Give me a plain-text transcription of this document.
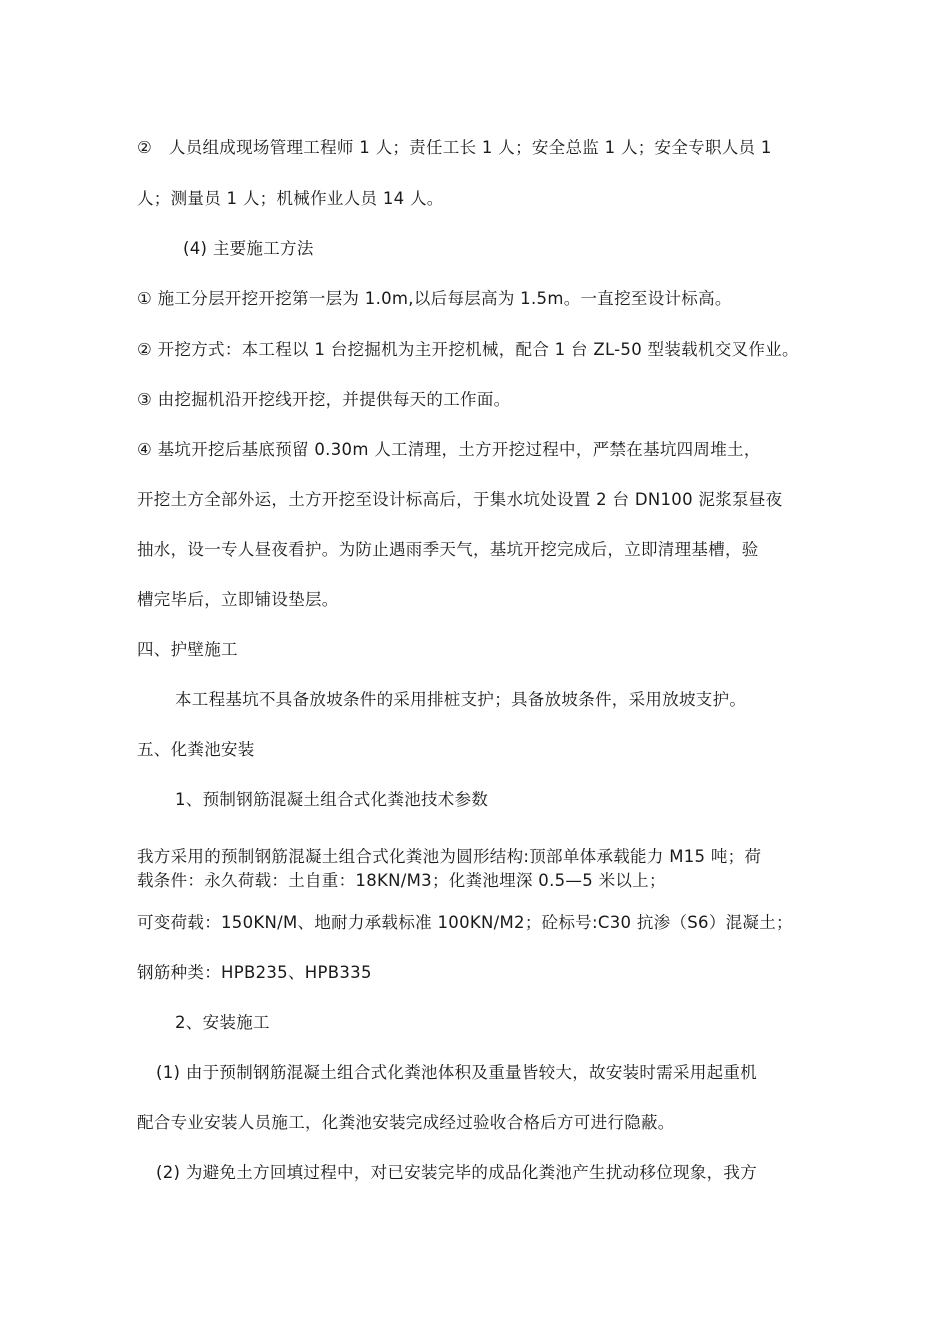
②　人员组成现场管理工程师 1 人；责任工长 1 人；安全总监 1 人；安全专职人员 1
人；测量员 1 人；机械作业人员 14 人。
(4) 主要施工方法
① 施工分层开挖开挖第一层为 1.0m,以后每层高为 1.5m。一直挖至设计标高。
② 开挖方式：本工程以 1 台挖掘机为主开挖机械，配合 1 台 ZL-50 型装载机交叉作业。
③ 由挖掘机沿开挖线开挖，并提供每天的工作面。
④ 基坑开挖后基底预留 0.30m 人工清理，土方开挖过程中，严禁在基坑四周堆土，
开挖土方全部外运，土方开挖至设计标高后，于集水坑处设置 2 台 DN100 泥浆泵昼夜
抽水，设一专人昼夜看护。为防止遇雨季天气，基坑开挖完成后，立即清理基槽，验
槽完毕后，立即铺设垫层。
四、护壁施工
本工程基坑不具备放坡条件的采用排桩支护；具备放坡条件，采用放坡支护。
五、化粪池安装
1、预制钢筋混凝土组合式化粪池技术参数
我方采用的预制钢筋混凝土组合式化粪池为圆形结构:顶部单体承载能力 M15 吨；荷
载条件：永久荷载：土自重：18KN/M3；化粪池埋深 0.5—5 米以上；
可变荷载：150KN/M、地耐力承载标准 100KN/M2；砼标号:C30 抗渗（S6）混凝土；
钢筋种类：HPB235、HPB335
2、安装施工
(1) 由于预制钢筋混凝土组合式化粪池体积及重量皆较大，故安装时需采用起重机
配合专业安装人员施工，化粪池安装完成经过验收合格后方可进行隐蔽。
(2) 为避免土方回填过程中，对已安装完毕的成品化粪池产生扰动移位现象，我方
